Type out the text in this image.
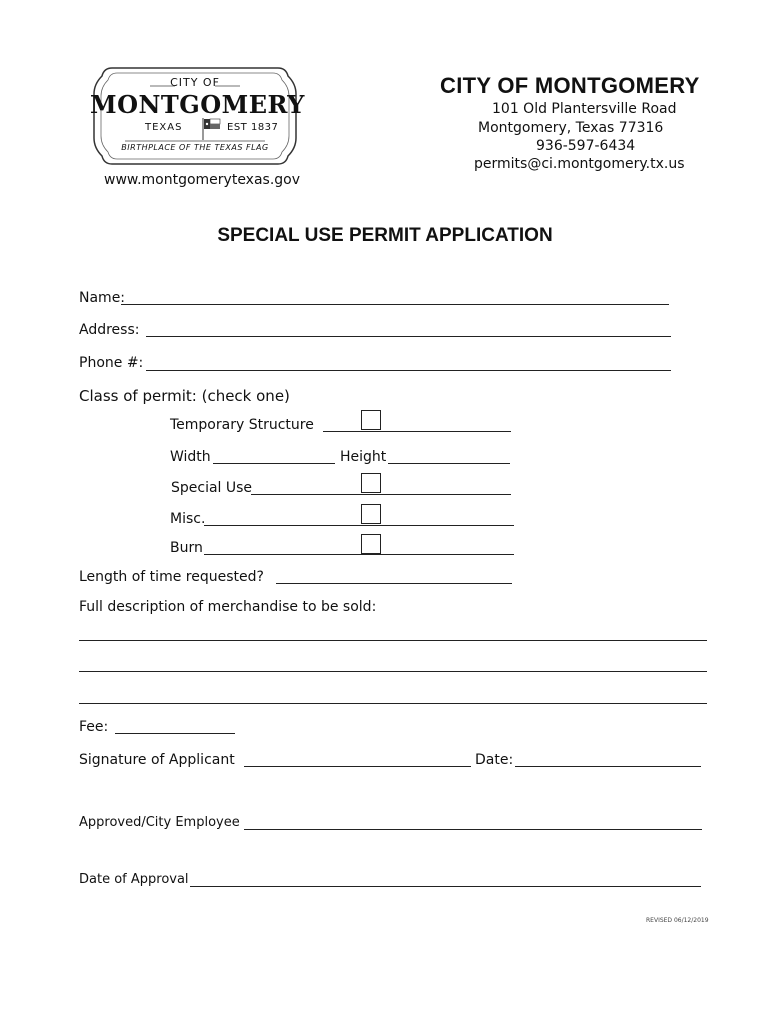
CITY OF
MONTGOMERY
TEXAS	EST 1837
BIRTHPLACE OF THE TEXAS FLAG
www.montgomerytexas.gov
CITY OF MONTGOMERY
101 Old Plantersville Road
Montgomery, Texas 77316
936-597-6434
permits@ci.montgomery.tx.us
SPECIAL USE PERMIT APPLICATION
Name:
Address:
Phone #:
Class of permit: (check one)
Temporary Structure
Width	Height
Special Use
Misc.
Burn
Length of time requested?
Full description of merchandise to be sold:
Fee:
Signature of Applicant	Date:
Approved/City Employee
Date of Approval
REVISED 06/12/2019
